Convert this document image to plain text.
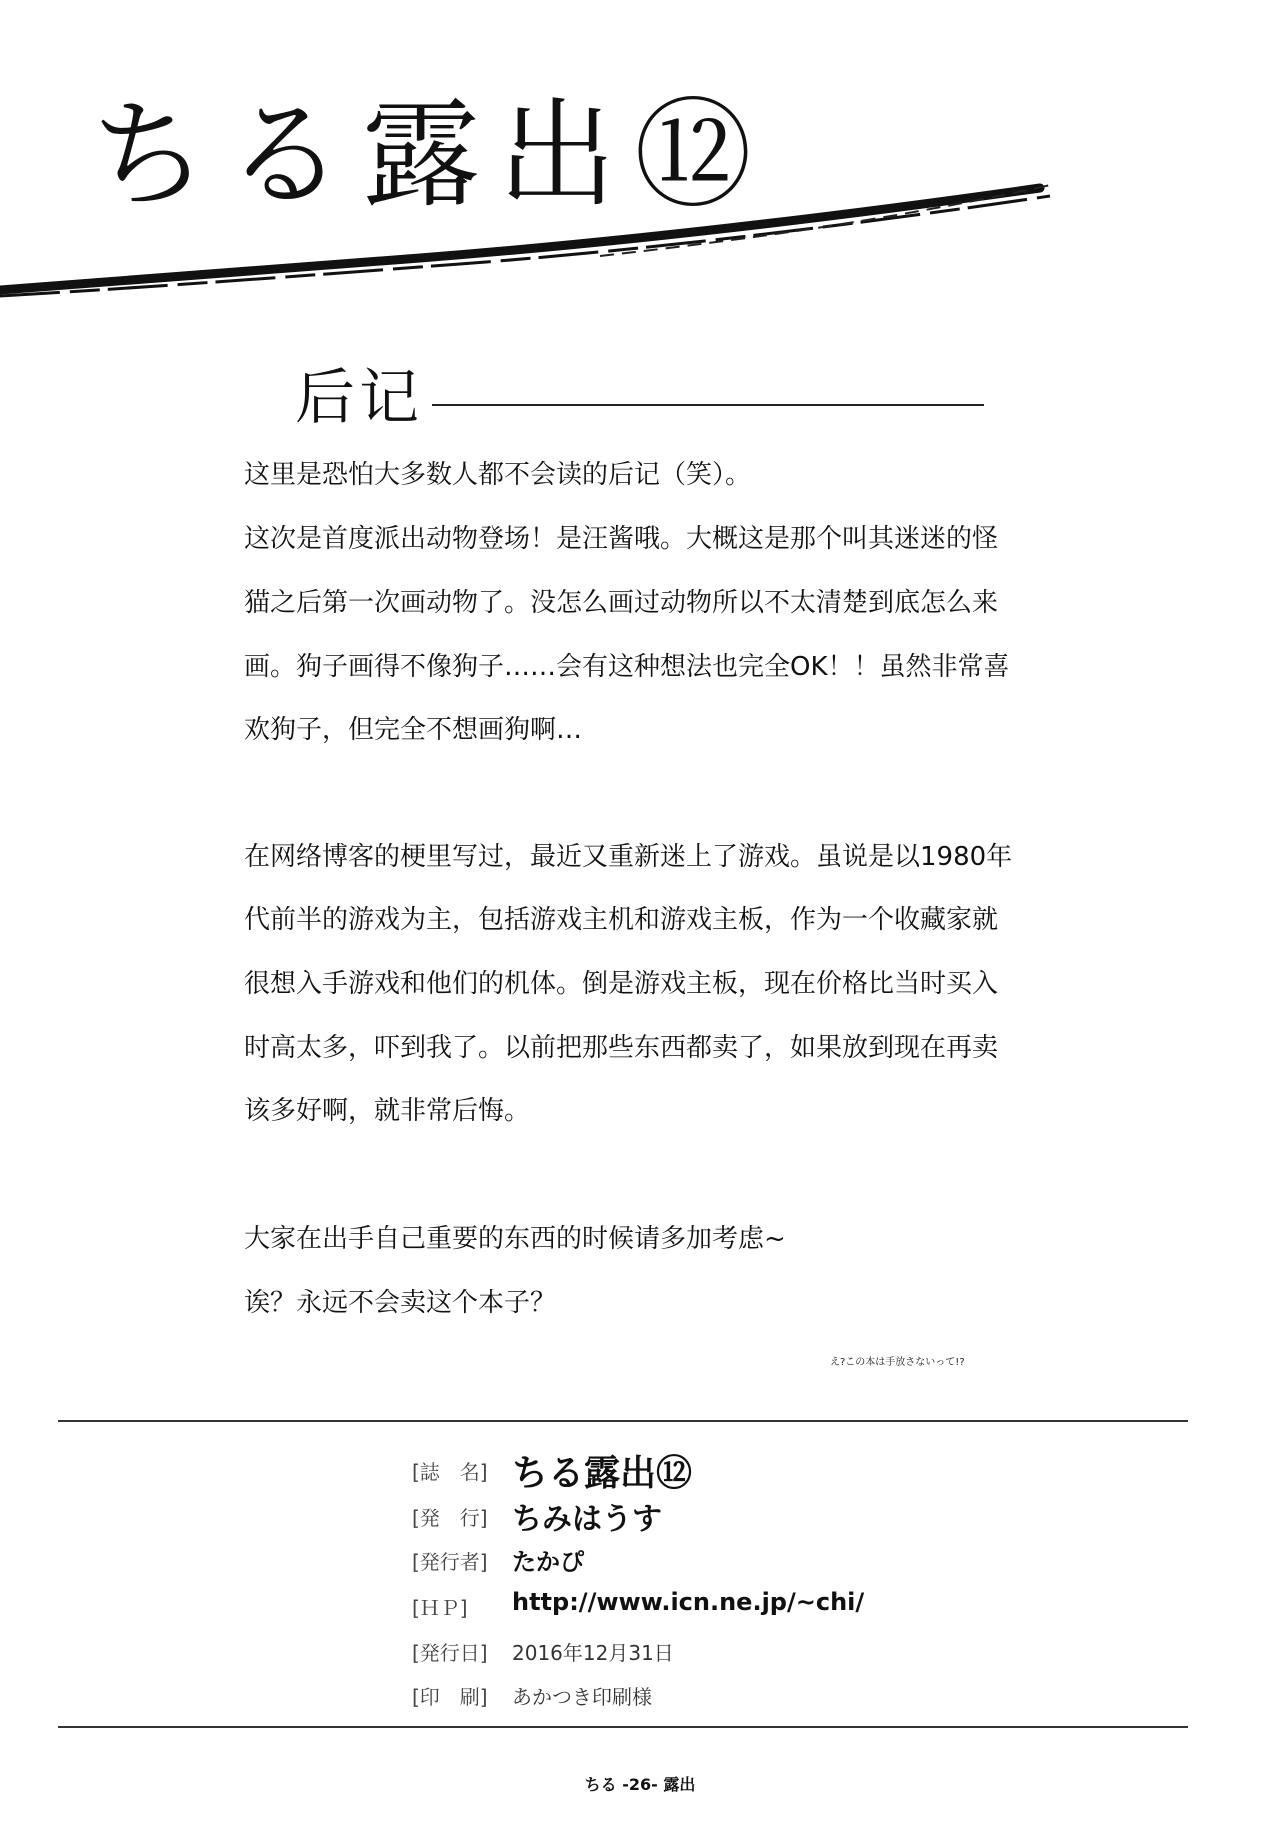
ちる露出⑫
后记
这里是恐怕大多数人都不会读的后记（笑）。
这次是首度派出动物登场！是汪酱哦。大概这是那个叫其迷迷的怪
猫之后第一次画动物了。没怎么画过动物所以不太清楚到底怎么来
画。狗子画得不像狗子……会有这种想法也完全OK！！虽然非常喜
欢狗子，但完全不想画狗啊…
在网络博客的梗里写过，最近又重新迷上了游戏。虽说是以1980年
代前半的游戏为主，包括游戏主机和游戏主板，作为一个收藏家就
很想入手游戏和他们的机体。倒是游戏主板，现在价格比当时买入
时高太多，吓到我了。以前把那些东西都卖了，如果放到现在再卖
该多好啊，就非常后悔。
大家在出手自己重要的东西的时候请多加考虑~
诶？永远不会卖这个本子？
え?この本は手放さないって!?
[誌　名] ちる露出⑫
[発　行] ちみはうす
[発行者] たかぴ
[ＨＰ] http://www.icn.ne.jp/~chi/
[発行日] 2016年12月31日
[印　刷] あかつき印刷様
ちる -26- 露出
